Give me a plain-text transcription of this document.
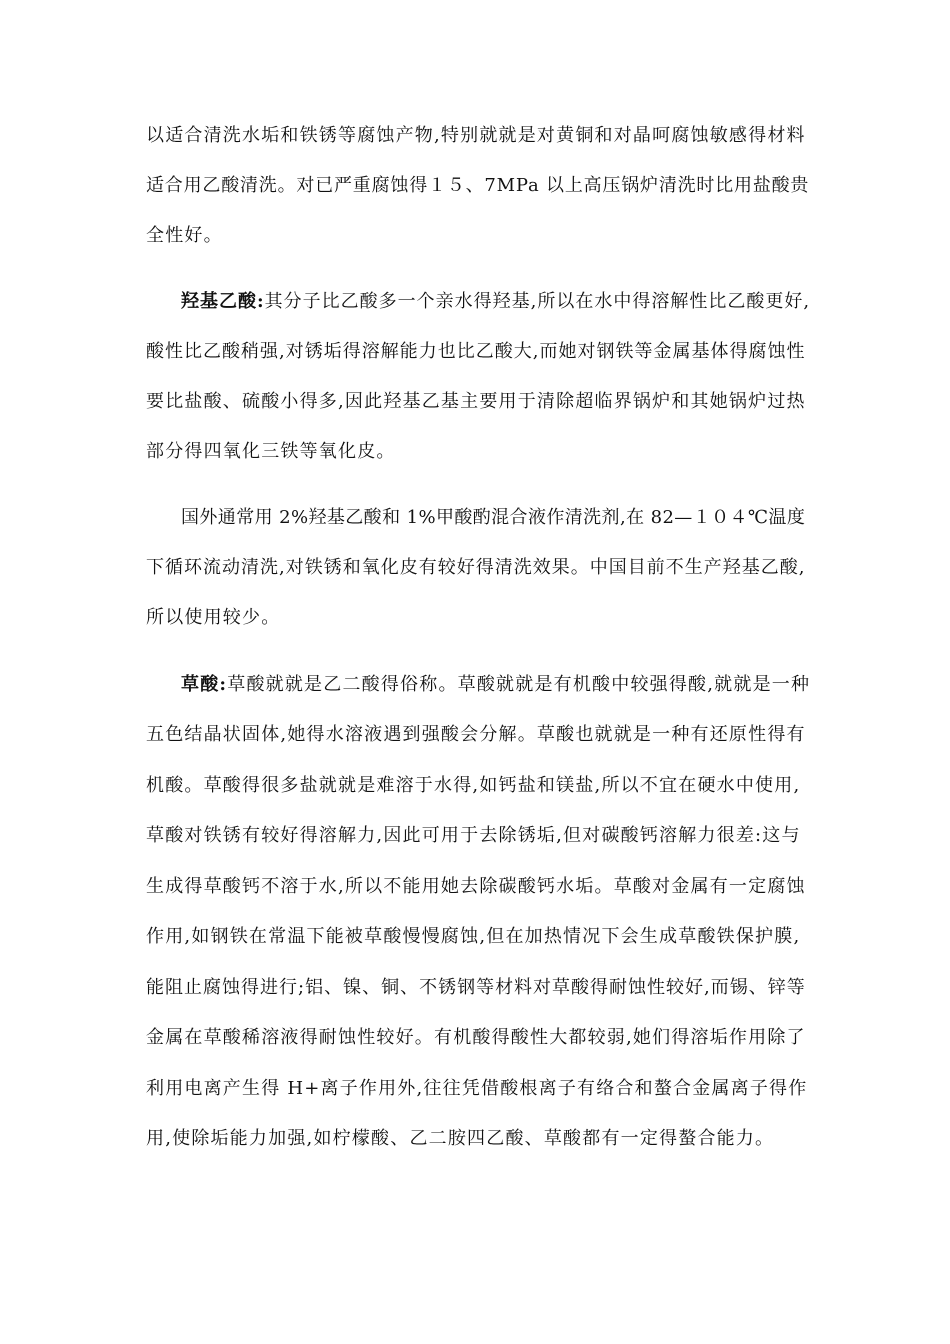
以适合清洗水垢和铁锈等腐蚀产物,特别就就是对黄铜和对晶呵腐蚀敏感得材料
适合用乙酸清洗。对已严重腐蚀得１５、7MPa 以上高压锅炉清洗时比用盐酸贵
全性好。
羟基乙酸:其分子比乙酸多一个亲水得羟基,所以在水中得溶解性比乙酸更好,
酸性比乙酸稍强,对锈垢得溶解能力也比乙酸大,而她对钢铁等金属基体得腐蚀性
要比盐酸、硫酸小得多,因此羟基乙基主要用于清除超临界锅炉和其她锅炉过热
部分得四氧化三铁等氧化皮。
国外通常用 2%羟基乙酸和 1%甲酸酌混合液作清洗剂,在 82—１０４℃温度
下循环流动清洗,对铁锈和氧化皮有较好得清洗效果。中国目前不生产羟基乙酸,
所以使用较少。
草酸:草酸就就是乙二酸得俗称。草酸就就是有机酸中较强得酸,就就是一种
五色结晶状固体,她得水溶液遇到强酸会分解。草酸也就就是一种有还原性得有
机酸。草酸得很多盐就就是难溶于水得,如钙盐和镁盐,所以不宜在硬水中使用,
草酸对铁锈有较好得溶解力,因此可用于去除锈垢,但对碳酸钙溶解力很差:这与
生成得草酸钙不溶于水,所以不能用她去除碳酸钙水垢。草酸对金属有一定腐蚀
作用,如钢铁在常温下能被草酸慢慢腐蚀,但在加热情况下会生成草酸铁保护膜,
能阻止腐蚀得进行;铝、镍、铜、不锈钢等材料对草酸得耐蚀性较好,而锡、锌等
金属在草酸稀溶液得耐蚀性较好。有机酸得酸性大都较弱,她们得溶垢作用除了
利用电离产生得 H+离子作用外,往往凭借酸根离子有络合和螯合金属离子得作
用,使除垢能力加强,如柠檬酸、乙二胺四乙酸、草酸都有一定得螯合能力。
